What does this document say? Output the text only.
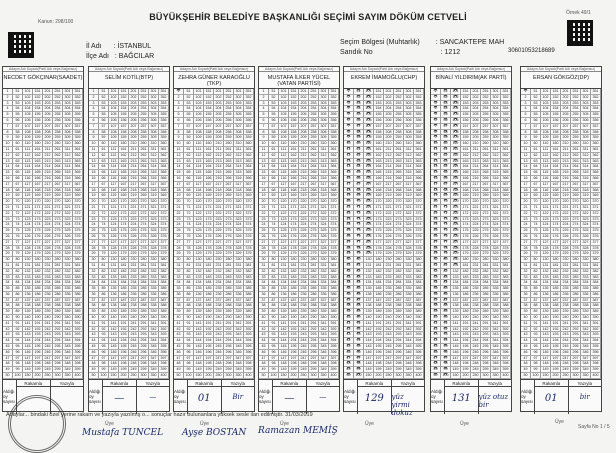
Kanun: 298/100
Örnek 49/1
BÜYÜKŞEHİR BELEDİYE BAŞKANLIĞI SEÇİMİ SAYIM DÖKÜM CETVELİ
İl Adı : İSTANBUL
İlçe Adı : BAĞCILAR
Seçim Bölgesi (Muhtarlık) : SANCAKTEPE MAH
Sandık No	: 1212	30601053218689
Adayın Adı Soyadı(Parti Adı veya Bağımsız)
NECDET GÖKÇINAR(SAADET)
1	51	101	151	201	251	301	351
2	52	102	152	202	252	302	352
3	53	103	153	203	253	303	353
4	54	104	154	204	254	304	354
5	55	105	155	205	255	305	355
6	56	106	156	206	256	306	356
7	57	107	157	207	257	307	357
8	58	108	158	208	258	308	358
9	59	109	159	209	259	309	359
10	60	110	160	210	260	310	360
11	61	111	161	211	261	311	361
12	62	112	162	212	262	312	362
13	63	113	163	213	263	313	363
14	64	114	164	214	264	314	364
15	65	115	165	215	265	315	365
16	66	116	166	216	266	316	366
17	67	117	167	217	267	317	367
18	68	118	168	218	268	318	368
19	69	119	169	219	269	319	369
20	70	120	170	220	270	320	370
21	71	121	171	221	271	321	371
22	72	122	172	222	272	322	372
23	73	123	173	223	273	323	373
24	74	124	174	224	274	324	374
25	75	125	175	225	275	325	375
26	76	126	176	226	276	326	376
27	77	127	177	227	277	327	377
28	78	128	178	228	278	328	378
29	79	129	179	229	279	329	379
30	80	130	180	230	280	330	380
31	81	131	181	231	281	331	381
32	82	132	182	232	282	332	382
33	83	133	183	233	283	333	383
34	84	134	184	234	284	334	384
35	85	135	185	235	285	335	385
36	86	136	186	236	286	336	386
37	87	137	187	237	287	337	387
38	88	138	188	238	288	338	388
39	89	139	189	239	289	339	389
40	90	140	190	240	290	340	390
41	91	141	191	241	291	341	391
42	92	142	192	242	292	342	392
43	93	143	193	243	293	343	393
44	94	144	194	244	294	344	394
45	95	145	195	245	295	345	395
46	96	146	196	246	296	346	396
47	97	147	197	247	297	347	397
48	98	148	198	248	298	348	398
49	99	149	199	249	299	349	399
50	100	150	200	250	300	350	400
Aldığı oy sayısı
Rakamla	Yazıyla
Adayın Adı Soyadı(Parti Adı veya Bağımsız)
SELİM KOTİL(BTP)
1	51	101	151	201	251	301	351
2	52	102	152	202	252	302	352
3	53	103	153	203	253	303	353
4	54	104	154	204	254	304	354
5	55	105	155	205	255	305	355
6	56	106	156	206	256	306	356
7	57	107	157	207	257	307	357
8	58	108	158	208	258	308	358
9	59	109	159	209	259	309	359
10	60	110	160	210	260	310	360
11	61	111	161	211	261	311	361
12	62	112	162	212	262	312	362
13	63	113	163	213	263	313	363
14	64	114	164	214	264	314	364
15	65	115	165	215	265	315	365
16	66	116	166	216	266	316	366
17	67	117	167	217	267	317	367
18	68	118	168	218	268	318	368
19	69	119	169	219	269	319	369
20	70	120	170	220	270	320	370
21	71	121	171	221	271	321	371
22	72	122	172	222	272	322	372
23	73	123	173	223	273	323	373
24	74	124	174	224	274	324	374
25	75	125	175	225	275	325	375
26	76	126	176	226	276	326	376
27	77	127	177	227	277	327	377
28	78	128	178	228	278	328	378
29	79	129	179	229	279	329	379
30	80	130	180	230	280	330	380
31	81	131	181	231	281	331	381
32	82	132	182	232	282	332	382
33	83	133	183	233	283	333	383
34	84	134	184	234	284	334	384
35	85	135	185	235	285	335	385
36	86	136	186	236	286	336	386
37	87	137	187	237	287	337	387
38	88	138	188	238	288	338	388
39	89	139	189	239	289	339	389
40	90	140	190	240	290	340	390
41	91	141	191	241	291	341	391
42	92	142	192	242	292	342	392
43	93	143	193	243	293	343	393
44	94	144	194	244	294	344	394
45	95	145	195	245	295	345	395
46	96	146	196	246	296	346	396
47	97	147	197	247	297	347	397
48	98	148	198	248	298	348	398
49	99	149	199	249	299	349	399
50	100	150	200	250	300	350	400
Aldığı oy sayısı
Rakamla
—
Yazıyla
—
Adayın Adı Soyadı(Parti Adı veya Bağımsız)
ZEHRA GÜNER KARAOĞLU (TKP)
1 ✕	51	101	151	201	251	301	351
2	52	102	152	202	252	302	352
3	53	103	153	203	253	303	353
4	54	104	154	204	254	304	354
5	55	105	155	205	255	305	355
6	56	106	156	206	256	306	356
7	57	107	157	207	257	307	357
8	58	108	158	208	258	308	358
9	59	109	159	209	259	309	359
10	60	110	160	210	260	310	360
11	61	111	161	211	261	311	361
12	62	112	162	212	262	312	362
13	63	113	163	213	263	313	363
14	64	114	164	214	264	314	364
15	65	115	165	215	265	315	365
16	66	116	166	216	266	316	366
17	67	117	167	217	267	317	367
18	68	118	168	218	268	318	368
19	69	119	169	219	269	319	369
20	70	120	170	220	270	320	370
21	71	121	171	221	271	321	371
22	72	122	172	222	272	322	372
23	73	123	173	223	273	323	373
24	74	124	174	224	274	324	374
25	75	125	175	225	275	325	375
26	76	126	176	226	276	326	376
27	77	127	177	227	277	327	377
28	78	128	178	228	278	328	378
29	79	129	179	229	279	329	379
30	80	130	180	230	280	330	380
31	81	131	181	231	281	331	381
32	82	132	182	232	282	332	382
33	83	133	183	233	283	333	383
34	84	134	184	234	284	334	384
35	85	135	185	235	285	335	385
36	86	136	186	236	286	336	386
37	87	137	187	237	287	337	387
38	88	138	188	238	288	338	388
39	89	139	189	239	289	339	389
40	90	140	190	240	290	340	390
41	91	141	191	241	291	341	391
42	92	142	192	242	292	342	392
43	93	143	193	243	293	343	393
44	94	144	194	244	294	344	394
45	95	145	195	245	295	345	395
46	96	146	196	246	296	346	396
47	97	147	197	247	297	347	397
48	98	148	198	248	298	348	398
49	99	149	199	249	299	349	399
50	100	150	200	250	300	350	400
Aldığı oy sayısı
Rakamla
01
Yazıyla
Bir
Adayın Adı Soyadı(Parti Adı veya Bağımsız)
MUSTAFA İLKER YÜCEL (VATAN PARTİSİ)
1	51	101	151	201	251	301	351
2	52	102	152	202	252	302	352
3	53	103	153	203	253	303	353
4	54	104	154	204	254	304	354
5	55	105	155	205	255	305	355
6	56	106	156	206	256	306	356
7	57	107	157	207	257	307	357
8	58	108	158	208	258	308	358
9	59	109	159	209	259	309	359
10	60	110	160	210	260	310	360
11	61	111	161	211	261	311	361
12	62	112	162	212	262	312	362
13	63	113	163	213	263	313	363
14	64	114	164	214	264	314	364
15	65	115	165	215	265	315	365
16	66	116	166	216	266	316	366
17	67	117	167	217	267	317	367
18	68	118	168	218	268	318	368
19	69	119	169	219	269	319	369
20	70	120	170	220	270	320	370
21	71	121	171	221	271	321	371
22	72	122	172	222	272	322	372
23	73	123	173	223	273	323	373
24	74	124	174	224	274	324	374
25	75	125	175	225	275	325	375
26	76	126	176	226	276	326	376
27	77	127	177	227	277	327	377
28	78	128	178	228	278	328	378
29	79	129	179	229	279	329	379
30	80	130	180	230	280	330	380
31	81	131	181	231	281	331	381
32	82	132	182	232	282	332	382
33	83	133	183	233	283	333	383
34	84	134	184	234	284	334	384
35	85	135	185	235	285	335	385
36	86	136	186	236	286	336	386
37	87	137	187	237	287	337	387
38	88	138	188	238	288	338	388
39	89	139	189	239	289	339	389
40	90	140	190	240	290	340	390
41	91	141	191	241	291	341	391
42	92	142	192	242	292	342	392
43	93	143	193	243	293	343	393
44	94	144	194	244	294	344	394
45	95	145	195	245	295	345	395
46	96	146	196	246	296	346	396
47	97	147	197	247	297	347	397
48	98	148	198	248	298	348	398
49	99	149	199	249	299	349	399
50	100	150	200	250	300	350	400
Aldığı oy sayısı
Rakamla
—
Yazıyla
—
Adayın Adı Soyadı(Parti Adı veya Bağımsız)
EKREM İMAMOĞLU(CHP)
1 ✕	51 ✕	101 ✕	151	201	251	301	351
2 ✕	52 ✕	102 ✕	152	202	252	302	352
3 ✕	53 ✕	103 ✕	153	203	253	303	353
4 ✕	54 ✕	104 ✕	154	204	254	304	354
5 ✕	55 ✕	105 ✕	155	205	255	305	355
6 ✕	56 ✕	106 ✕	156	206	256	306	356
7 ✕	57 ✕	107 ✕	157	207	257	307	357
8 ✕	58 ✕	108 ✕	158	208	258	308	358
9 ✕	59 ✕	109 ✕	159	209	259	309	359
10 ✕	60 ✕	110 ✕	160	210	260	310	360
11 ✕	61 ✕	111 ✕	161	211	261	311	361
12 ✕	62 ✕	112 ✕	162	212	262	312	362
13 ✕	63 ✕	113 ✕	163	213	263	313	363
14 ✕	64 ✕	114 ✕	164	214	264	314	364
15 ✕	65 ✕	115 ✕	165	215	265	315	365
16 ✕	66 ✕	116 ✕	166	216	266	316	366
17 ✕	67 ✕	117 ✕	167	217	267	317	367
18 ✕	68 ✕	118 ✕	168	218	268	318	368
19 ✕	69 ✕	119 ✕	169	219	269	319	369
20 ✕	70 ✕	120 ✕	170	220	270	320	370
21 ✕	71 ✕	121 ✕	171	221	271	321	371
22 ✕	72 ✕	122 ✕	172	222	272	322	372
23 ✕	73 ✕	123 ✕	173	223	273	323	373
24 ✕	74 ✕	124 ✕	174	224	274	324	374
25 ✕	75 ✕	125 ✕	175	225	275	325	375
26 ✕	76 ✕	126 ✕	176	226	276	326	376
27 ✕	77 ✕	127 ✕	177	227	277	327	377
28 ✕	78 ✕	128 ✕	178	228	278	328	378
29 ✕	79 ✕	129 ✕	179	229	279	329	379
30 ✕	80 ✕	130	180	230	280	330	380
31 ✕	81 ✕	131	181	231	281	331	381
32 ✕	82 ✕	132	182	232	282	332	382
33 ✕	83 ✕	133	183	233	283	333	383
34 ✕	84 ✕	134	184	234	284	334	384
35 ✕	85 ✕	135	185	235	285	335	385
36 ✕	86 ✕	136	186	236	286	336	386
37 ✕	87 ✕	137	187	237	287	337	387
38 ✕	88 ✕	138	188	238	288	338	388
39 ✕	89 ✕	139	189	239	289	339	389
40 ✕	90 ✕	140	190	240	290	340	390
41 ✕	91 ✕	141	191	241	291	341	391
42 ✕	92 ✕	142	192	242	292	342	392
43 ✕	93 ✕	143	193	243	293	343	393
44 ✕	94 ✕	144	194	244	294	344	394
45 ✕	95 ✕	145	195	245	295	345	395
46 ✕	96 ✕	146	196	246	296	346	396
47 ✕	97 ✕	147	197	247	297	347	397
48 ✕	98 ✕	148	198	248	298	348	398
49 ✕	99 ✕	149	199	249	299	349	399
50 ✕	100 ✕	150	200	250	300	350	400
Aldığı oy sayısı
Rakamla
129
Yazıyla
yüz yirmi dokuz
Adayın Adı Soyadı(Parti Adı veya Bağımsız)
BİNALİ YILDIRIM(AK PARTİ)
1 ✕	51 ✕	101 ✕	151	201	251	301	351
2 ✕	52 ✕	102 ✕	152	202	252	302	352
3 ✕	53 ✕	103 ✕	153	203	253	303	353
4 ✕	54 ✕	104 ✕	154	204	254	304	354
5 ✕	55 ✕	105 ✕	155	205	255	305	355
6 ✕	56 ✕	106 ✕	156	206	256	306	356
7 ✕	57 ✕	107 ✕	157	207	257	307	357
8 ✕	58 ✕	108 ✕	158	208	258	308	358
9 ✕	59 ✕	109 ✕	159	209	259	309	359
10 ✕	60 ✕	110 ✕	160	210	260	310	360
11 ✕	61 ✕	111 ✕	161	211	261	311	361
12 ✕	62 ✕	112 ✕	162	212	262	312	362
13 ✕	63 ✕	113 ✕	163	213	263	313	363
14 ✕	64 ✕	114 ✕	164	214	264	314	364
15 ✕	65 ✕	115 ✕	165	215	265	315	365
16 ✕	66 ✕	116 ✕	166	216	266	316	366
17 ✕	67 ✕	117 ✕	167	217	267	317	367
18 ✕	68 ✕	118 ✕	168	218	268	318	368
19 ✕	69 ✕	119 ✕	169	219	269	319	369
20 ✕	70 ✕	120 ✕	170	220	270	320	370
21 ✕	71 ✕	121 ✕	171	221	271	321	371
22 ✕	72 ✕	122 ✕	172	222	272	322	372
23 ✕	73 ✕	123 ✕	173	223	273	323	373
24 ✕	74 ✕	124 ✕	174	224	274	324	374
25 ✕	75 ✕	125 ✕	175	225	275	325	375
26 ✕	76 ✕	126 ✕	176	226	276	326	376
27 ✕	77 ✕	127 ✕	177	227	277	327	377
28 ✕	78 ✕	128 ✕	178	228	278	328	378
29 ✕	79 ✕	129 ✕	179	229	279	329	379
30 ✕	80 ✕	130 ✕	180	230	280	330	380
31 ✕	81 ✕	131 ✕	181	231	281	331	381
32 ✕	82 ✕	132	182	232	282	332	382
33 ✕	83 ✕	133	183	233	283	333	383
34 ✕	84 ✕	134	184	234	284	334	384
35 ✕	85 ✕	135	185	235	285	335	385
36 ✕	86 ✕	136	186	236	286	336	386
37 ✕	87 ✕	137	187	237	287	337	387
38 ✕	88 ✕	138	188	238	288	338	388
39 ✕	89 ✕	139	189	239	289	339	389
40 ✕	90 ✕	140	190	240	290	340	390
41 ✕	91 ✕	141	191	241	291	341	391
42 ✕	92 ✕	142	192	242	292	342	392
43 ✕	93 ✕	143	193	243	293	343	393
44 ✕	94 ✕	144	194	244	294	344	394
45 ✕	95 ✕	145	195	245	295	345	395
46 ✕	96 ✕	146	196	246	296	346	396
47 ✕	97 ✕	147	197	247	297	347	397
48 ✕	98 ✕	148	198	248	298	348	398
49 ✕	99 ✕	149	199	249	299	349	399
50 ✕	100 ✕	150	200	250	300	350	400
Aldığı oy sayısı
Rakamla
131
Yazıyla
yüz otuz bir
Adayın Adı Soyadı(Parti Adı veya Bağımsız)
ERSAN GÖKGÖZ(DP)
1 ✕	51	101	151	201	251	301	351
2	52	102	152	202	252	302	352
3	53	103	153	203	253	303	353
4	54	104	154	204	254	304	354
5	55	105	155	205	255	305	355
6	56	106	156	206	256	306	356
7	57	107	157	207	257	307	357
8	58	108	158	208	258	308	358
9	59	109	159	209	259	309	359
10	60	110	160	210	260	310	360
11	61	111	161	211	261	311	361
12	62	112	162	212	262	312	362
13	63	113	163	213	263	313	363
14	64	114	164	214	264	314	364
15	65	115	165	215	265	315	365
16	66	116	166	216	266	316	366
17	67	117	167	217	267	317	367
18	68	118	168	218	268	318	368
19	69	119	169	219	269	319	369
20	70	120	170	220	270	320	370
21	71	121	171	221	271	321	371
22	72	122	172	222	272	322	372
23	73	123	173	223	273	323	373
24	74	124	174	224	274	324	374
25	75	125	175	225	275	325	375
26	76	126	176	226	276	326	376
27	77	127	177	227	277	327	377
28	78	128	178	228	278	328	378
29	79	129	179	229	279	329	379
30	80	130	180	230	280	330	380
31	81	131	181	231	281	331	381
32	82	132	182	232	282	332	382
33	83	133	183	233	283	333	383
34	84	134	184	234	284	334	384
35	85	135	185	235	285	335	385
36	86	136	186	236	286	336	386
37	87	137	187	237	287	337	387
38	88	138	188	238	288	338	388
39	89	139	189	239	289	339	389
40	90	140	190	240	290	340	390
41	91	141	191	241	291	341	391
42	92	142	192	242	292	342	392
43	93	143	193	243	293	343	393
44	94	144	194	244	294	344	394
45	95	145	195	245	295	345	395
46	96	146	196	246	296	346	396
47	97	147	197	247	297	347	397
48	98	148	198	248	298	348	398
49	99	149	199	249	299	349	399
50	100	150	200	250	300	350	400
Aldığı oy sayısı
Rakamla
01
Yazıyla
bir
Adaylar... bindaki özel yerine rakam ve yazıyla yazılmış o... sonuçlar hazır bulunanlara yüksek sesle ilan edilmiştir. 31/03/2019
Üye	Üye	Üye	Üye	Üye	Üye
Mustafa TUNCEL Ayşe BOSTAN Ramazan MEMİŞ	Sayfa No 1 / 5
